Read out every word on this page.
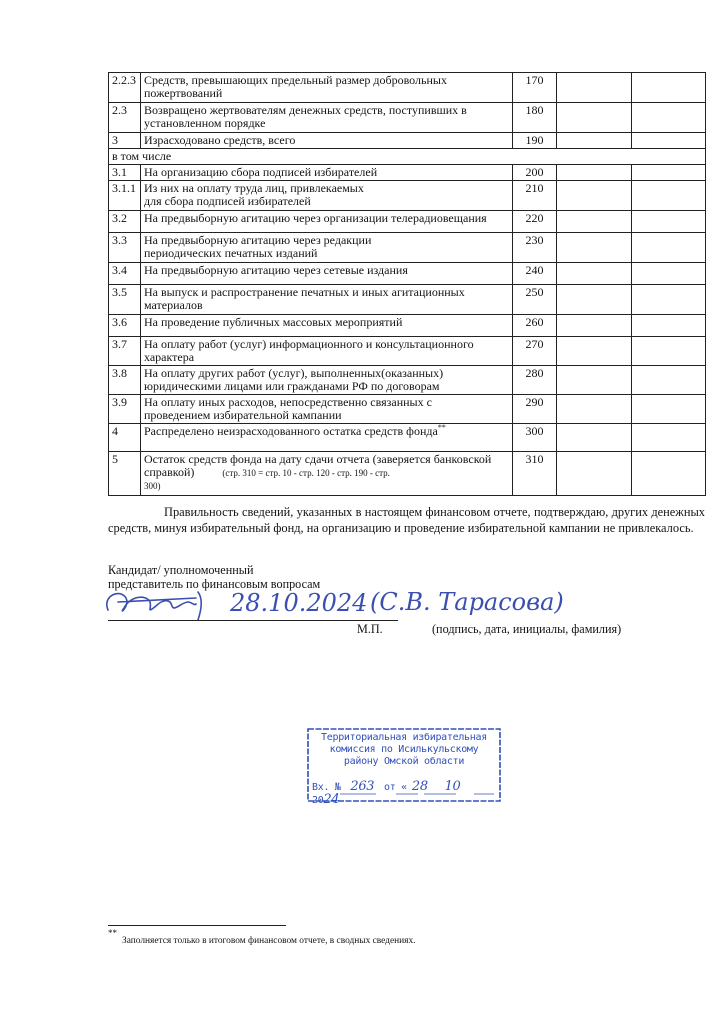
2.2.3	Средств, превышающих предельный размер добровольных
пожертвований	170		
2.3	Возвращено жертвователям денежных средств, поступивших в
установленном порядке	180		
3	Израсходовано средств, всего	190		
в том числе				
3.1	На организацию сбора подписей избирателей	200		
3.1.1	Из них на оплату труда лиц, привлекаемых
для сбора подписей избирателей	210		
3.2	На предвыборную агитацию через организации телерадиовещания	220		
3.3	На предвыборную агитацию через редакции
периодических печатных изданий	230		
3.4	На предвыборную агитацию через сетевые издания	240		
3.5	На выпуск и распространение печатных и иных агитационных
материалов	250		
3.6	На проведение публичных массовых мероприятий	260		
3.7	На оплату работ (услуг) информационного и консультационного
характера	270		
3.8	На оплату других работ (услуг), выполненных(оказанных)
юридическими лицами или гражданами РФ по договорам	280		
3.9	На оплату иных расходов, непосредственно связанных с
проведением избирательной кампании	290		
4	Распределено неизрасходованного остатка средств фонда**	300		
5	Остаток средств фонда на дату сдачи отчета (заверяется банковской
справкой) (стр. 310 = стр. 10 - стр. 120 - стр. 190 - стр.
300)	310		

Правильность сведений, указанных в настоящем финансовом отчете, подтверждаю, других денежных средств, минуя избирательный фонд, на организацию и проведение избирательной кампании не привлекалось.

Кандидат/ уполномоченный
представитель по финансовым вопросам

28.10.2024 (С.В. Тарасова)
М.П.	(подпись, дата, инициалы, фамилия)

Территориальная избирательная
комиссия по Исилькульскому
району Омской области

Вх. № 263 от « 28 10 2024
**
Заполняется только в итоговом финансовом отчете, в сводных сведениях.
